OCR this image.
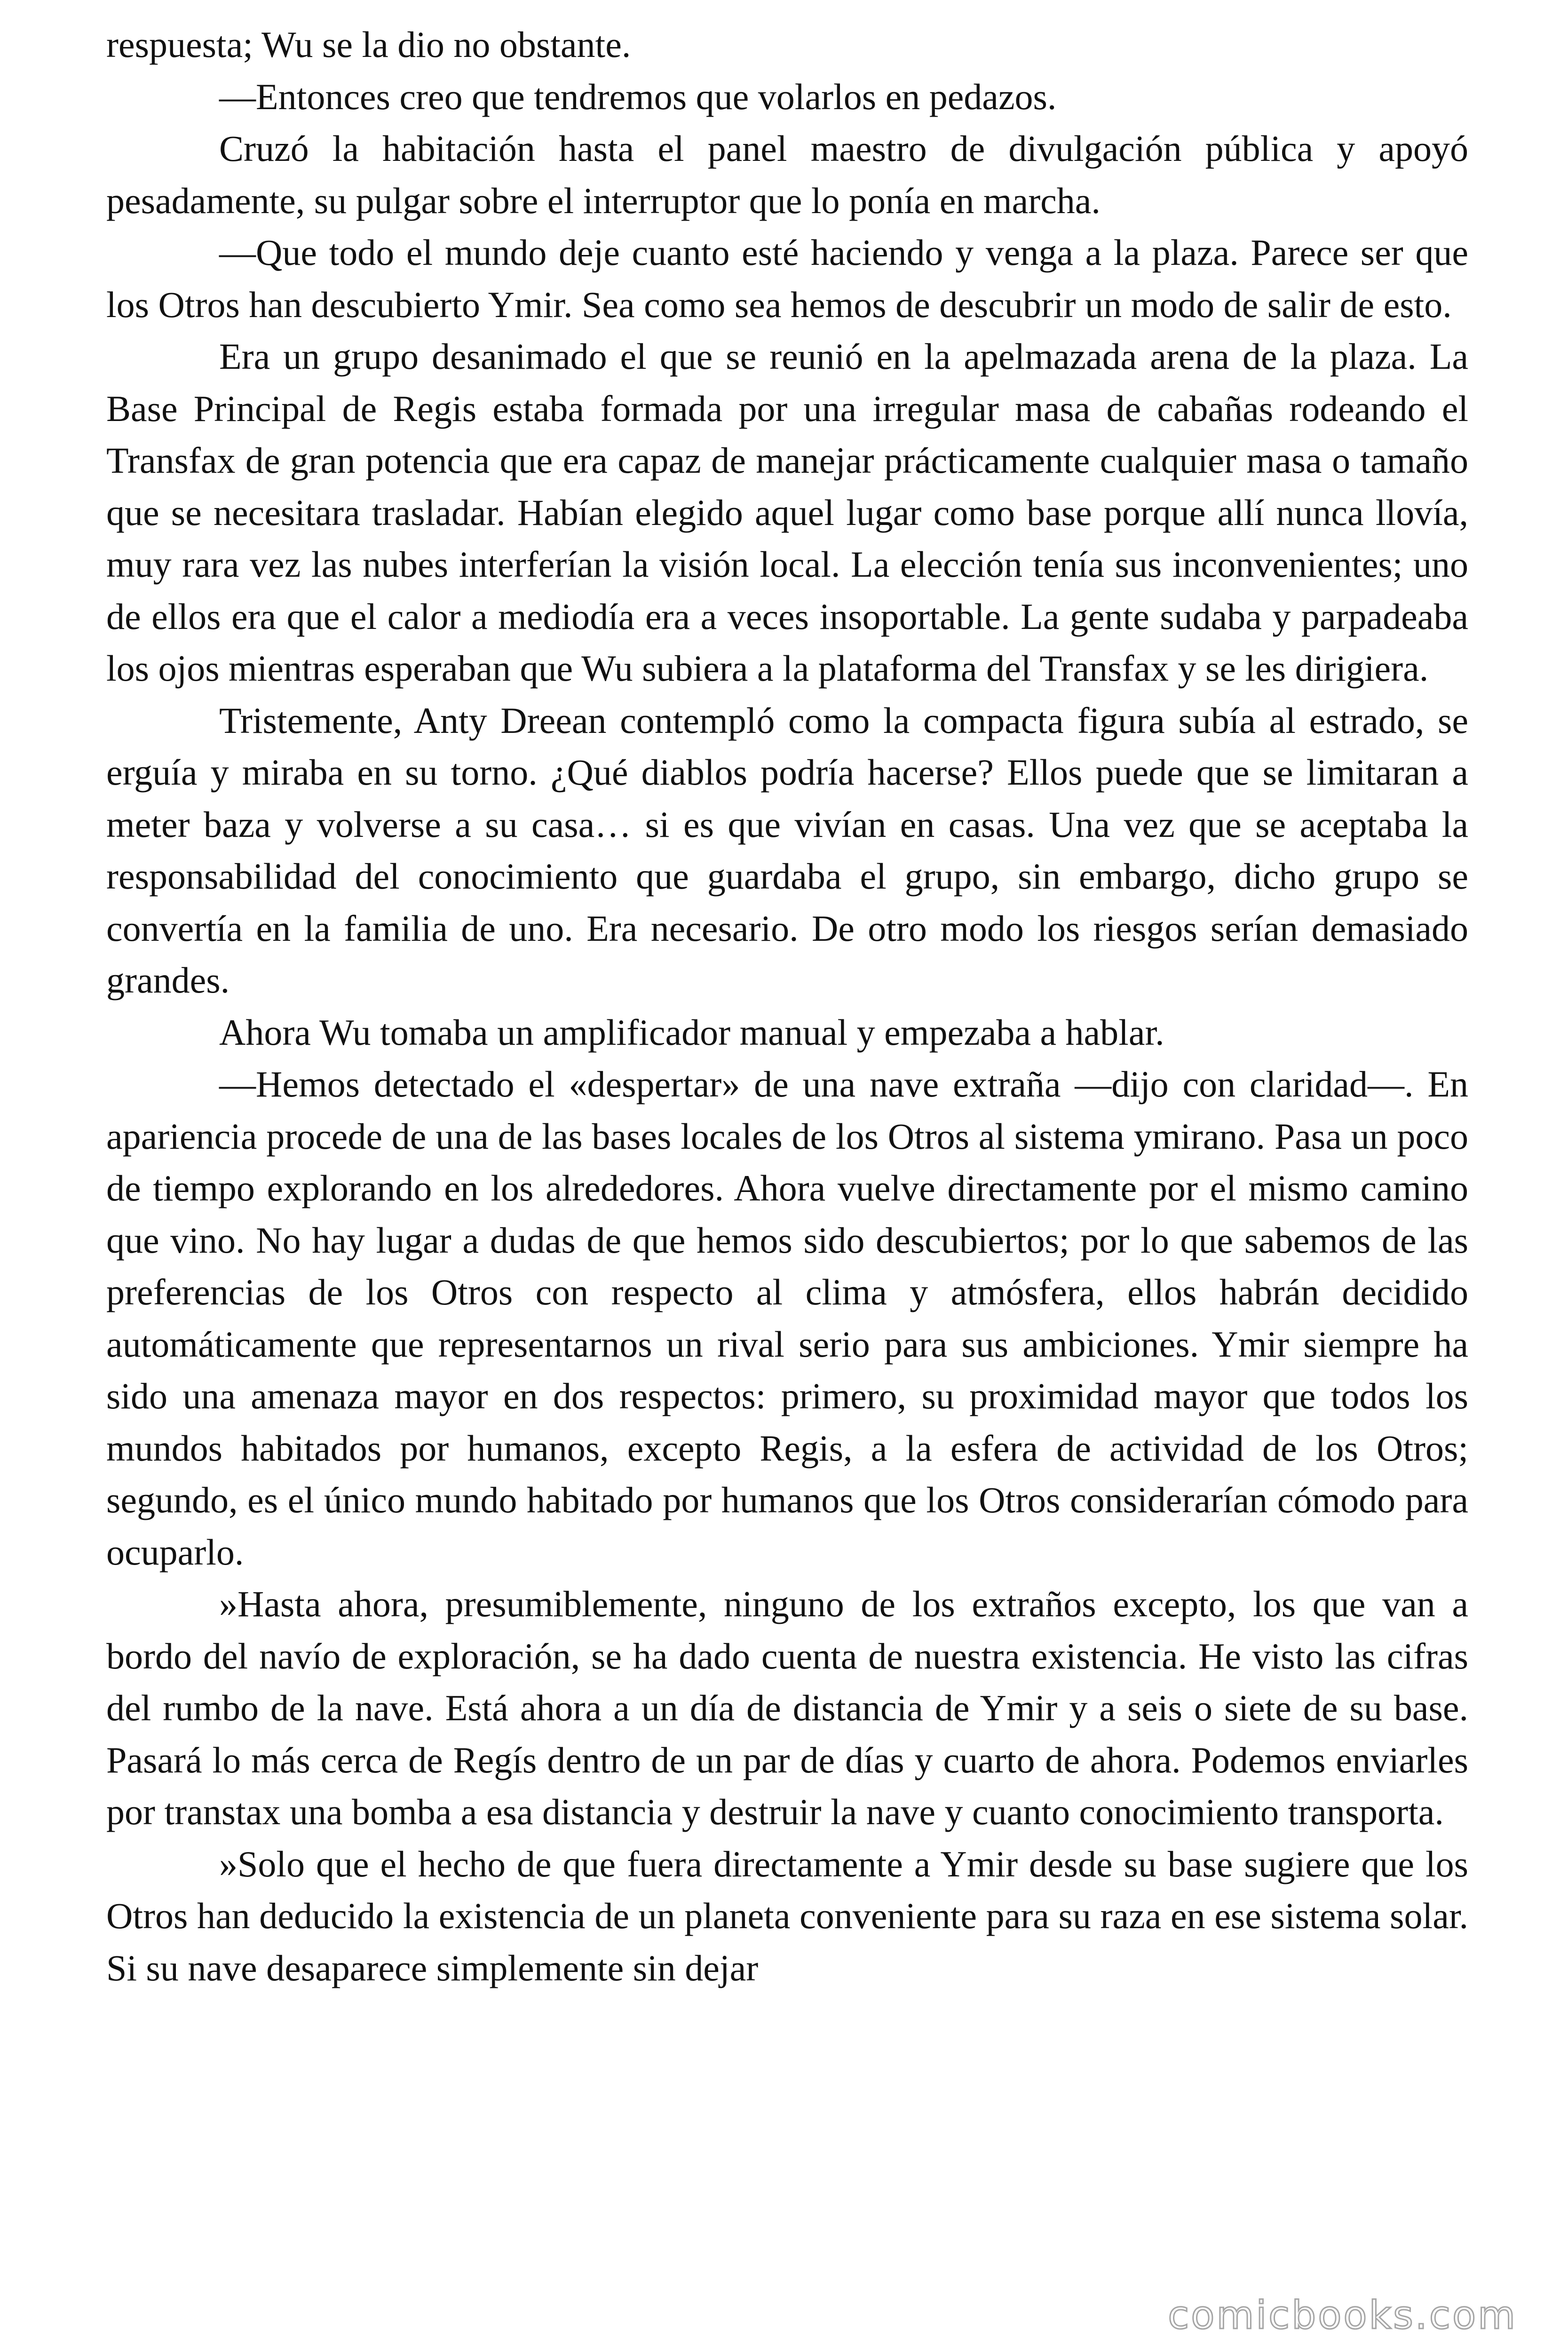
respuesta; Wu se la dio no obstante.

—Entonces creo que tendremos que volarlos en pedazos.

Cruzó la habitación hasta el panel maestro de divulgación pública y apoyó pesadamente, su pulgar sobre el interruptor que lo ponía en marcha.

—Que todo el mundo deje cuanto esté haciendo y venga a la plaza. Parece ser que los Otros han descubierto Ymir. Sea como sea hemos de descubrir un modo de salir de esto.

Era un grupo desanimado el que se reunió en la apelmazada arena de la plaza. La Base Principal de Regis estaba formada por una irregular masa de cabañas rodeando el Transfax de gran potencia que era capaz de manejar prácticamente cualquier masa o tamaño que se necesitara trasladar. Habían elegido aquel lugar como base porque allí nunca llovía, muy rara vez las nubes interferían la visión local. La elección tenía sus inconvenientes; uno de ellos era que el calor a mediodía era a veces insoportable. La gente sudaba y parpadeaba los ojos mientras esperaban que Wu subiera a la plataforma del Transfax y se les dirigiera.

Tristemente, Anty Dreean contempló como la compacta figura subía al estrado, se erguía y miraba en su torno. ¿Qué diablos podría hacerse? Ellos puede que se limitaran a meter baza y volverse a su casa… si es que vivían en casas. Una vez que se aceptaba la responsabilidad del conocimiento que guardaba el grupo, sin embargo, dicho grupo se convertía en la familia de uno. Era necesario. De otro modo los riesgos serían demasiado grandes.

Ahora Wu tomaba un amplificador manual y empezaba a hablar.

—Hemos detectado el «despertar» de una nave extraña —dijo con claridad—. En apariencia procede de una de las bases locales de los Otros al sistema ymirano. Pasa un poco de tiempo explorando en los alrededores. Ahora vuelve directamente por el mismo camino que vino. No hay lugar a dudas de que hemos sido descubiertos; por lo que sabemos de las preferencias de los Otros con respecto al clima y atmósfera, ellos habrán decidido automáticamente que representarnos un rival serio para sus ambiciones. Ymir siempre ha sido una amenaza mayor en dos respectos: primero, su proximidad mayor que todos los mundos habitados por humanos, excepto Regis, a la esfera de actividad de los Otros; segundo, es el único mundo habitado por humanos que los Otros considerarían cómodo para ocuparlo.

»Hasta ahora, presumiblemente, ninguno de los extraños excepto, los que van a bordo del navío de exploración, se ha dado cuenta de nuestra existencia. He visto las cifras del rumbo de la nave. Está ahora a un día de distancia de Ymir y a seis o siete de su base. Pasará lo más cerca de Regís dentro de un par de días y cuarto de ahora. Podemos enviarles por transtax una bomba a esa distancia y destruir la nave y cuanto conocimiento transporta.

»Solo que el hecho de que fuera directamente a Ymir desde su base sugiere que los Otros han deducido la existencia de un planeta conveniente para su raza en ese sistema solar. Si su nave desaparece simplemente sin dejar

comicbooks.com
